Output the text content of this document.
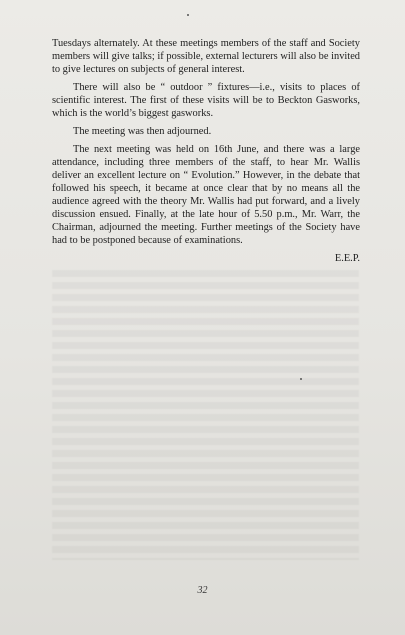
Tuesdays alternately. At these meetings members of the staff and Society members will give talks; if possible, external lecturers will also be invited to give lectures on subjects of general interest.

There will also be “ outdoor ” fixtures—i.e., visits to places of scientific interest. The first of these visits will be to Beckton Gasworks, which is the world’s biggest gasworks.

The meeting was then adjourned.

The next meeting was held on 16th June, and there was a large attendance, including three members of the staff, to hear Mr. Wallis deliver an excellent lecture on “ Evolution.” However, in the debate that followed his speech, it became at once clear that by no means all the audience agreed with the theory Mr. Wallis had put forward, and a lively discussion ensued. Finally, at the late hour of 5.50 p.m., Mr. Warr, the Chairman, adjourned the meeting. Further meetings of the Society have had to be postponed because of examinations.

E.E.P.

32
